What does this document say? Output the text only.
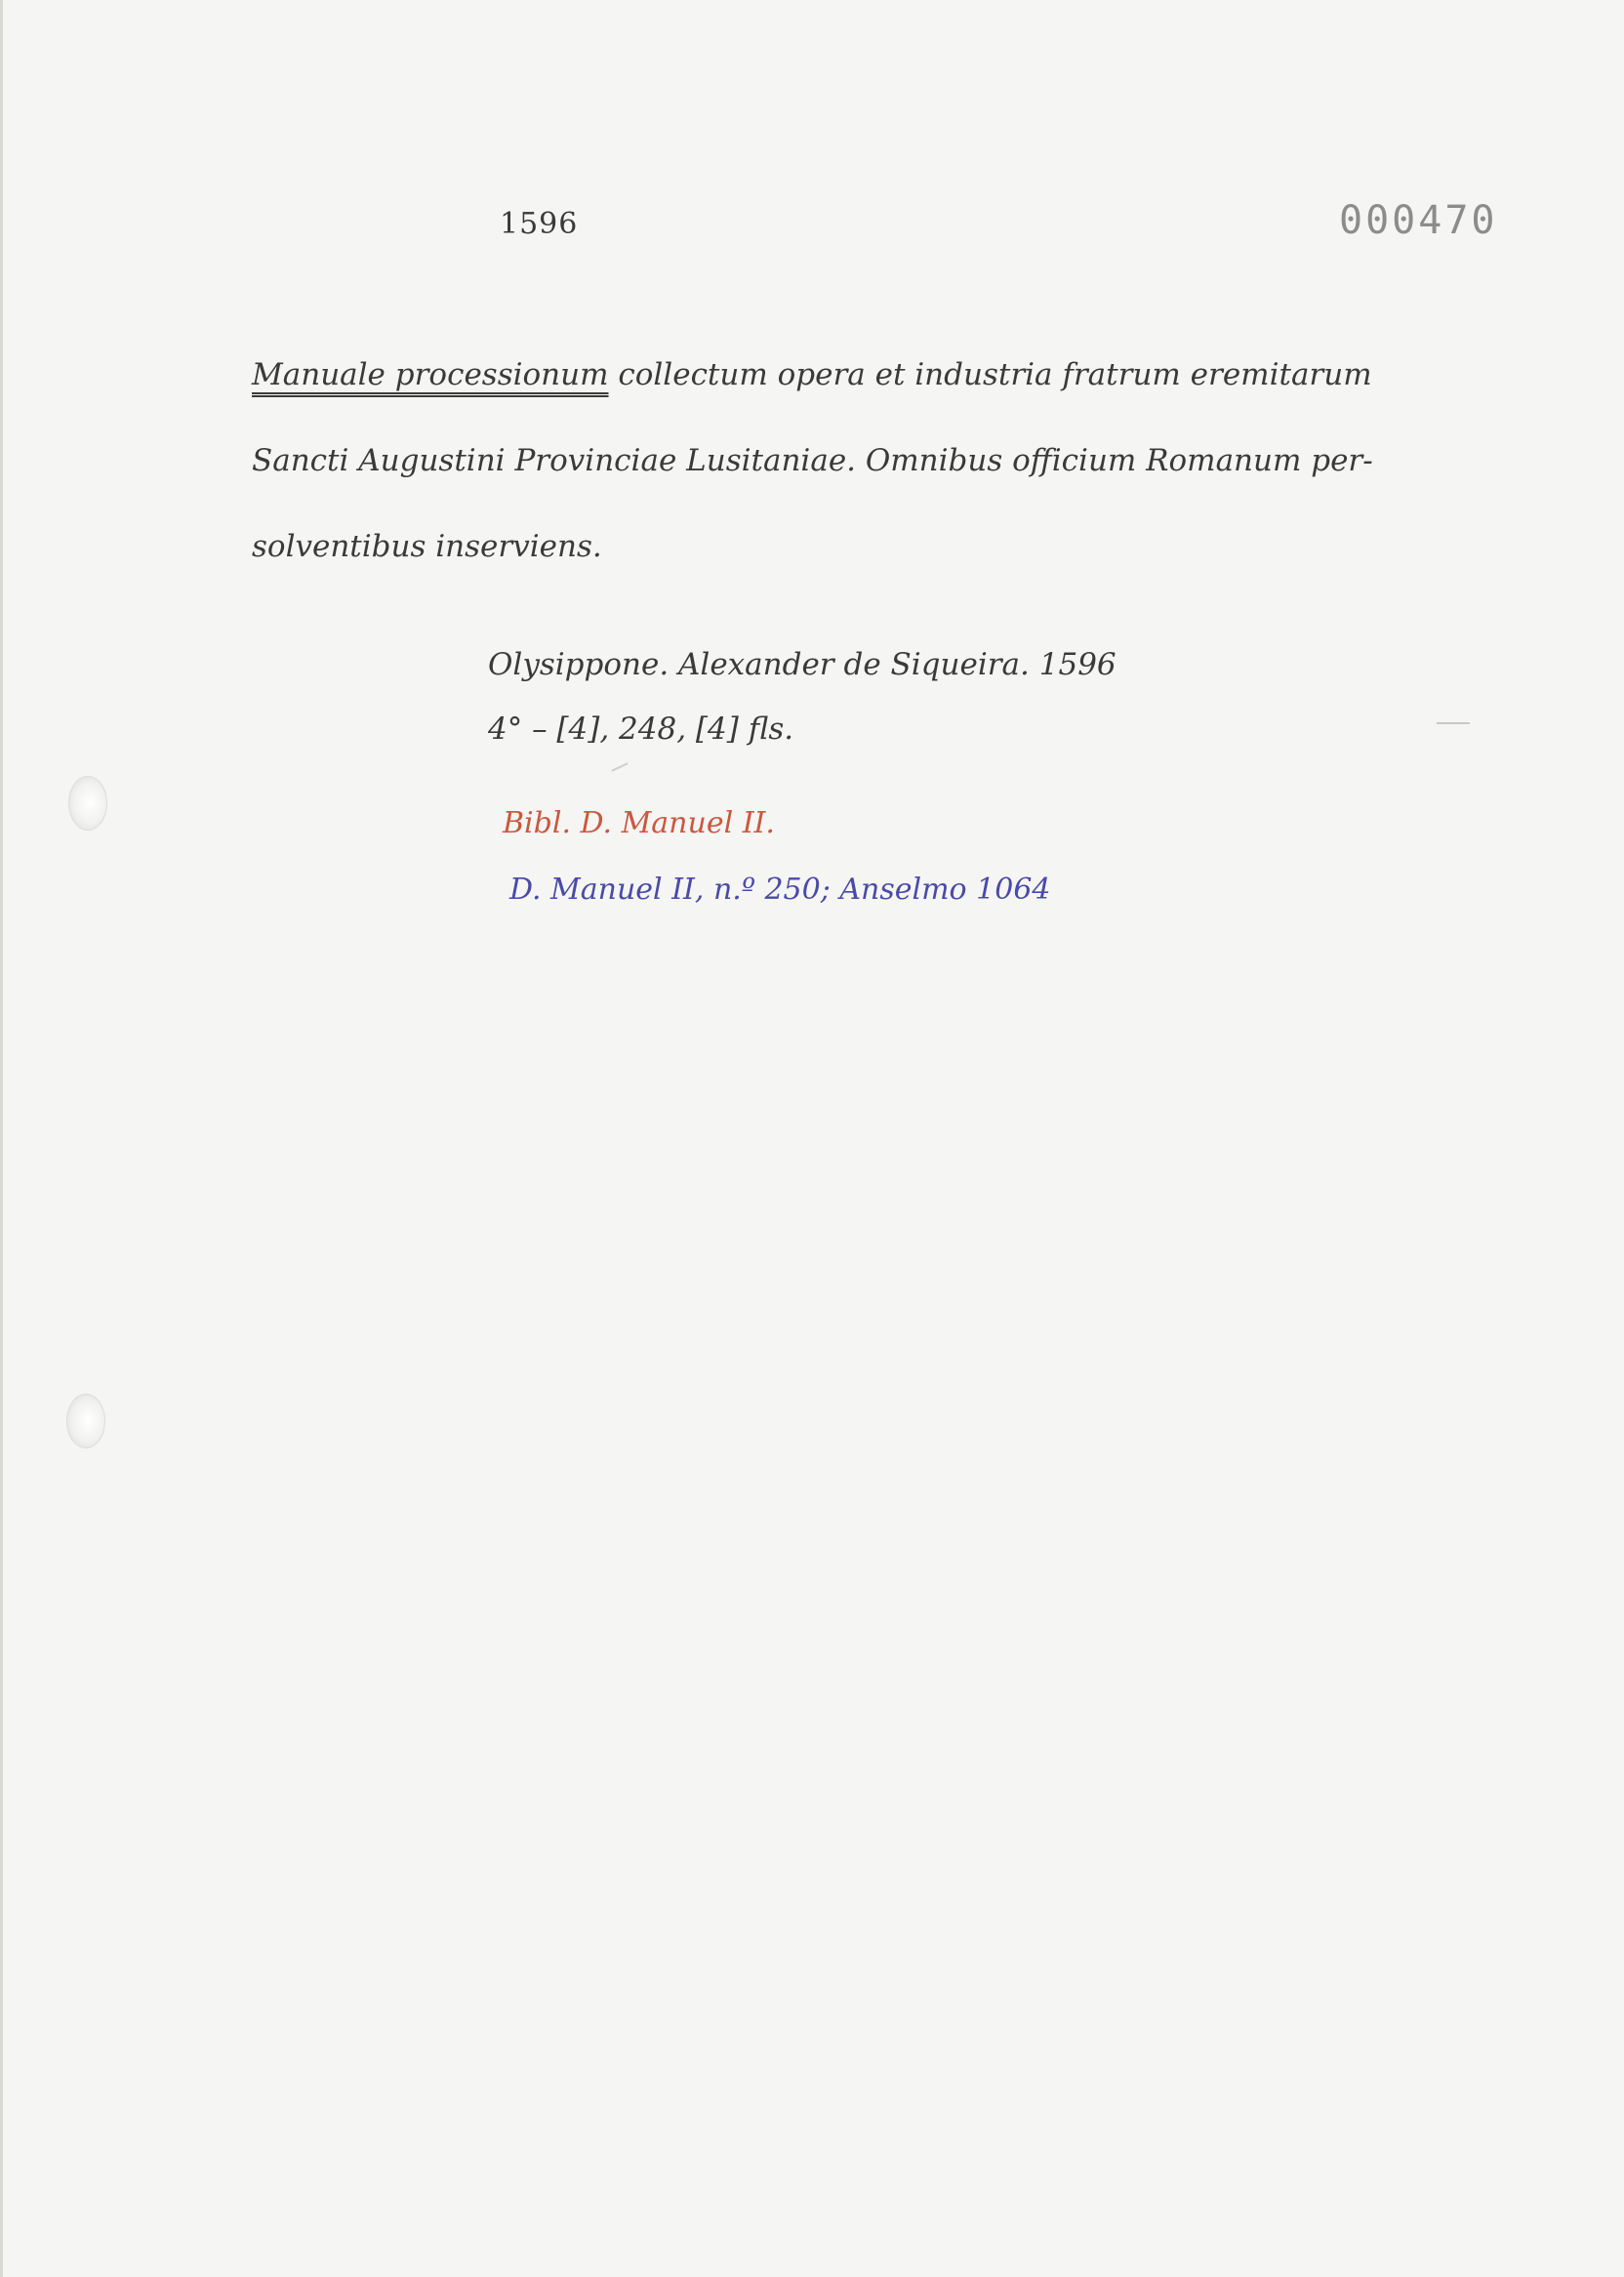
1596	000470
Manuale processionum collectum opera et industria fratrum eremitarum
Sancti Augustini Provinciae Lusitaniae. Omnibus officium Romanum per-
solventibus inserviens.
Olysippone. Alexander de Siqueira. 1596
4° – [4], 248, [4] fls.
Bibl. D. Manuel II.
D. Manuel II, n.º 250; Anselmo 1064
